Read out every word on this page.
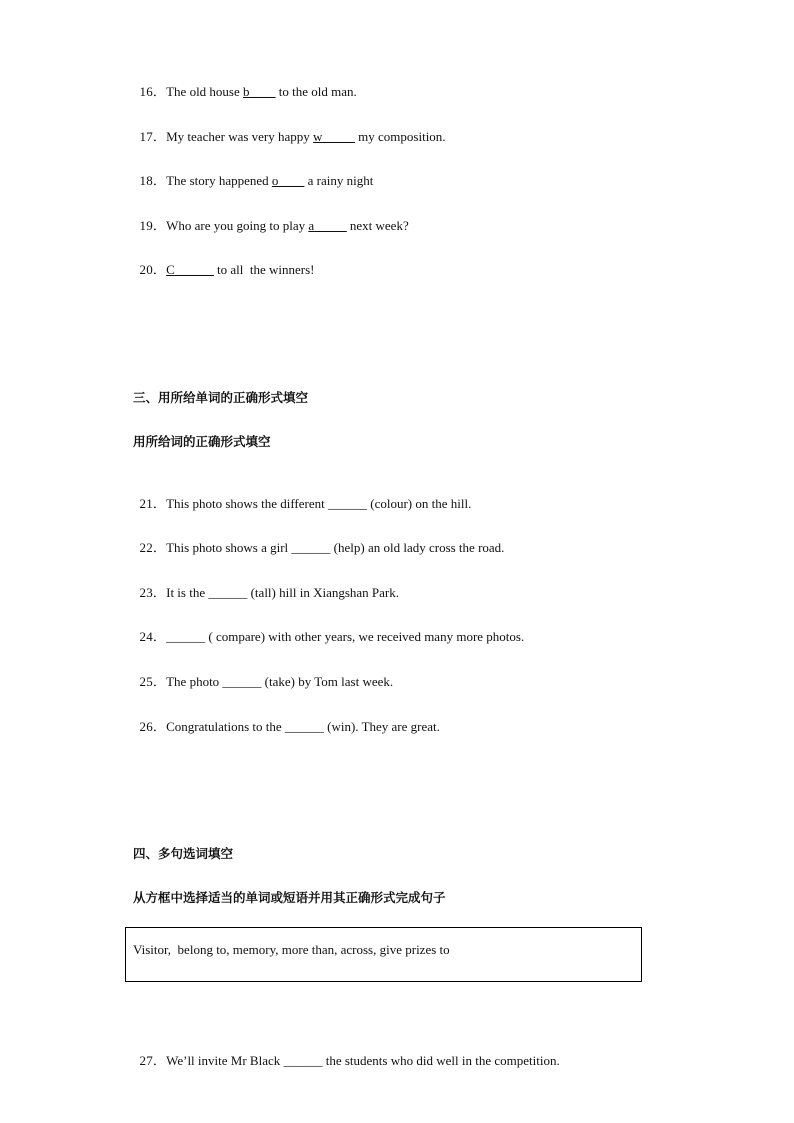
16．The old house b____ to the old man.

17．My teacher was very happy w_____ my composition.

18．The story happened o____ a rainy night

19．Who are you going to play a_____ next week?

20．C______ to all  the winners!

三、用所给单词的正确形式填空
用所给词的正确形式填空

21．This photo shows the different ______ (colour) on the hill.

22．This photo shows a girl ______ (help) an old lady cross the road.

23．It is the ______ (tall) hill in Xiangshan Park.

24．______ ( compare) with other years, we received many more photos.

25．The photo ______ (take) by Tom last week.

26．Congratulations to the ______ (win). They are great.

四、多句选词填空
从方框中选择适当的单词或短语并用其正确形式完成句子
Visitor,  belong to, memory, more than, across, give prizes to

27．We’ll invite Mr Black ______ the students who did well in the competition.
